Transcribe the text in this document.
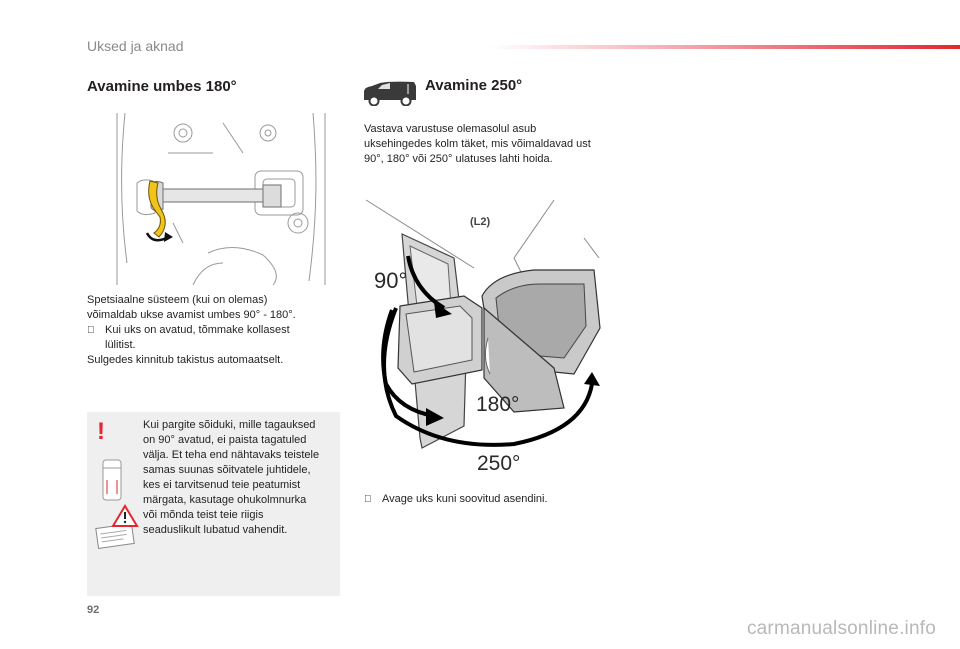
Uksed ja aknad
Avamine umbes 180°

Spetsiaalne süsteem (kui on olemas)

võimaldab ukse avamist umbes 90° - 180°.

Kui uks on avatud, tõmmake kollasest

lülitist.

Sulgedes kinnitub takistus automaatselt.

!	Kui pargite sõiduki, mille tagauksed

on 90° avatud, ei paista tagatuled

välja. Et teha end nähtavaks teistele

samas suunas sõitvatele juhtidele,

kes ei tarvitsenud teie peatumist

märgata, kasutage ohukolmnurka

või mõnda teist teie riigis

seaduslikult lubatud vahendit.

Avamine 250°

Vastava varustuse olemasolul asub

uksehingedes kolm täket, mis võimaldavad ust

90°, 180° või 250° ulatuses lahti hoida.

(L2)
90°
180°
250°
Avage uks kuni soovitud asendini.
92
carmanualsonline.info
